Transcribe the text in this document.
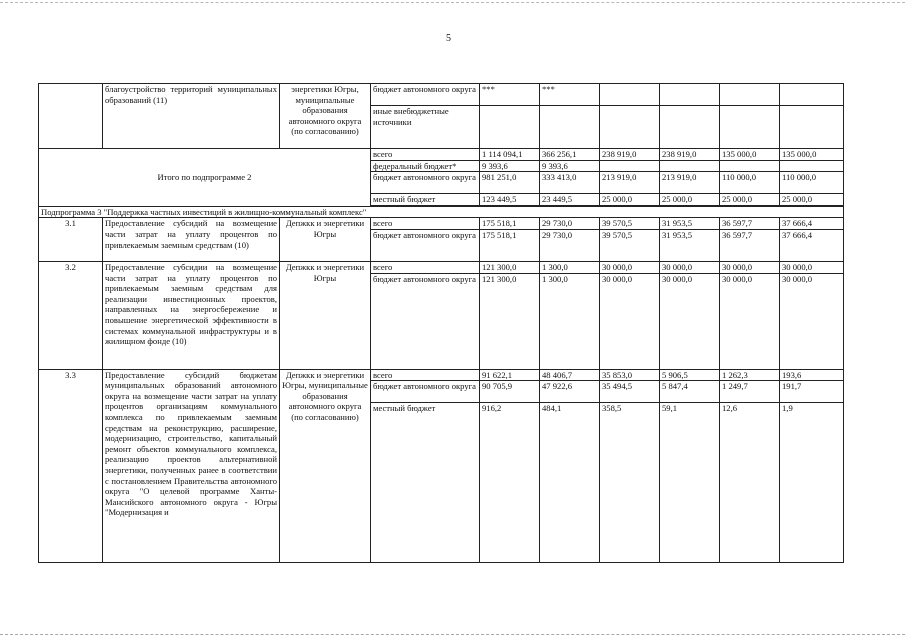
5
	благоустройство территорий муниципальных образований (11)	энергетики Югры, муниципальные образования автономного округа (по согласованию)	бюджет автономного округа	***	***				
			иные внебюджетные источники						
Итого по подпрограмме 2			всего	1 114 094,1	366 256,1	238 919,0	238 919,0	135 000,0	135 000,0
			федеральный бюджет*	9 393,6	9 393,6				
			бюджет автономного округа	981 251,0	333 413,0	213 919,0	213 919,0	110 000,0	110 000,0
			местный бюджет	123 449,5	23 449,5	25 000,0	25 000,0	25 000,0	25 000,0

Подпрограмма 3 "Поддержка частных инвестиций в жилищно-коммунальный комплекс"									
3.1	Предоставление субсидий на возмещение части затрат на уплату процентов по привлекаемым заемным средствам (10)	Депжкк и энергетики Югры	всего	175 518,1	29 730,0	39 570,5	31 953,5	36 597,7	37 666,4
			бюджет автономного округа	175 518,1	29 730,0	39 570,5	31 953,5	36 597,7	37 666,4
3.2	Предоставление субсидии на возмещение части затрат на уплату процентов по привлекаемым заемным средствам для реализации инвестиционных проектов, направленных на энергосбережение и повышение энергетической эффективности в системах коммунальной инфраструктуры и в жилищном фонде (10)	Депжкк и энергетики Югры	всего	121 300,0	1 300,0	30 000,0	30 000,0	30 000,0	30 000,0
			бюджет автономного округа	121 300,0	1 300,0	30 000,0	30 000,0	30 000,0	30 000,0
3.3	Предоставление субсидий бюджетам муниципальных образований автономного округа на возмещение части затрат на уплату процентов организациям коммунального комплекса по привлекаемым заемным средствам на реконструкцию, расширение, модернизацию, строительство, капитальный ремонт объектов коммунального комплекса, реализацию проектов альтернативной энергетики, полученных ранее в соответствии с постановлением Правительства автономного округа "О целевой программе Ханты-Мансийского автономного округа - Югры "Модернизация и	Депжкк и энергетики Югры, муниципальные образования автономного округа (по согласованию)	всего	91 622,1	48 406,7	35 853,0	5 906,5	1 262,3	193,6
			бюджет автономного округа	90 705,9	47 922,6	35 494,5	5 847,4	1 249,7	191,7
			местный бюджет	916,2	484,1	358,5	59,1	12,6	1,9
